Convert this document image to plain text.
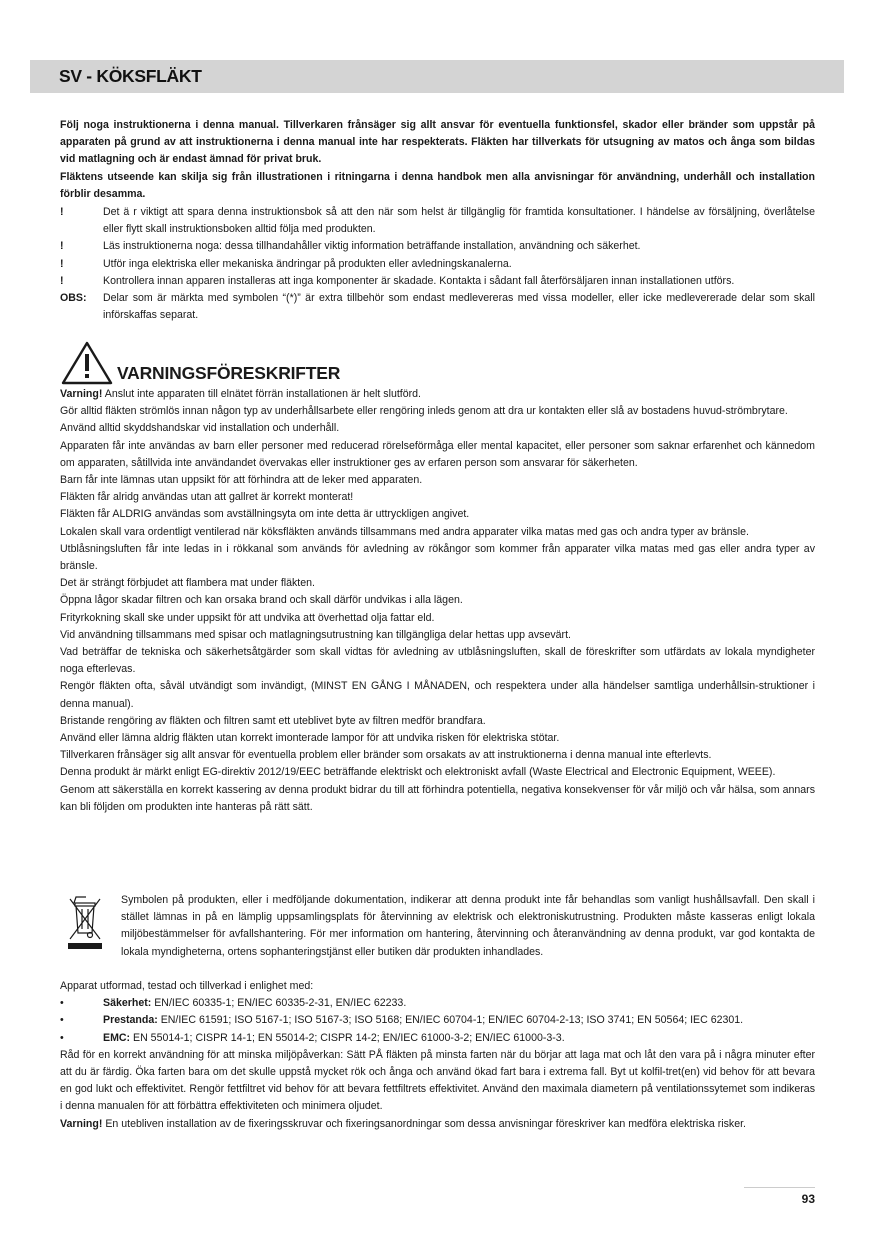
SV - KÖKSFLÄKT

Följ noga instruktionerna i denna manual. Tillverkaren frånsäger sig allt ansvar för eventuella funktionsfel, skador eller bränder som uppstår på apparaten på grund av att instruktionerna i denna manual inte har respekterats. Fläkten har tillverkats för utsugning av matos och ånga som bildas vid matlagning och är endast ämnad för privat bruk.

Fläktens utseende kan skilja sig från illustrationen i ritningarna i denna handbok men alla anvisningar för användning, underhåll och installation förblir desamma.

!	Det ä r viktigt att spara denna instruktionsbok så att den när som helst är tillgänglig för framtida konsultationer. I händelse av försäljning, överlåtelse eller flytt skall instruktionsboken alltid följa med produkten.
!	Läs instruktionerna noga: dessa tillhandahåller viktig information beträffande installation, användning och säkerhet.
!	Utför inga elektriska eller mekaniska ändringar på produkten eller avledningskanalerna.
!	Kontrollera innan apparen installeras att inga komponenter är skadade. Kontakta i sådant fall återförsäljaren innan installationen utförs.
OBS:	Delar som är märkta med symbolen “(*)” är extra tillbehör som endast medlevereras med vissa modeller, eller icke medlevererade delar som skall införskaffas separat.
VARNINGSFÖRESKRIFTER

Varning! Anslut inte apparaten till elnätet förrän installationen är helt slutförd.

Gör alltid fläkten strömlös innan någon typ av underhållsarbete eller rengöring inleds genom att dra ur kontakten eller slå av bostadens huvud-strömbrytare.

Använd alltid skyddshandskar vid installation och underhåll.

Apparaten får inte användas av barn eller personer med reducerad rörelseförmåga eller mental kapacitet, eller personer som saknar erfarenhet och kännedom om apparaten, såtillvida inte användandet övervakas eller instruktioner ges av erfaren person som ansvarar för säkerheten.

Barn får inte lämnas utan uppsikt för att förhindra att de leker med apparaten.

Fläkten får alridg användas utan att gallret är korrekt monterat!

Fläkten får ALDRIG användas som avställningsyta om inte detta är uttryckligen angivet.

Lokalen skall vara ordentligt ventilerad när köksfläkten används tillsammans med andra apparater vilka matas med gas och andra typer av bränsle.

Utblåsningsluften får inte ledas in i rökkanal som används för avledning av rökångor som kommer från apparater vilka matas med gas eller andra typer av bränsle.

Det är strängt förbjudet att flambera mat under fläkten.

Öppna lågor skadar filtren och kan orsaka brand och skall därför undvikas i alla lägen.

Frityrkokning skall ske under uppsikt för att undvika att överhettad olja fattar eld.

Vid användning tillsammans med spisar och matlagningsutrustning kan tillgängliga delar hettas upp avsevärt.

Vad beträffar de tekniska och säkerhetsåtgärder som skall vidtas för avledning av utblåsningsluften, skall de föreskrifter som utfärdats av lokala myndigheter noga efterlevas.

Rengör fläkten ofta, såväl utvändigt som invändigt, (MINST EN GÅNG I MÅNADEN, och respektera under alla händelser samtliga underhållsin-struktioner i denna manual).

Bristande rengöring av fläkten och filtren samt ett uteblivet byte av filtren medför brandfara.

Använd eller lämna aldrig fläkten utan korrekt imonterade lampor för att undvika risken för elektriska stötar.

Tillverkaren frånsäger sig allt ansvar för eventuella problem eller bränder som orsakats av att instruktionerna i denna manual inte efterlevts.

Denna produkt är märkt enligt EG-direktiv 2012/19/EEC beträffande elektriskt och elektroniskt avfall (Waste Electrical and Electronic Equipment, WEEE).

Genom att säkerställa en korrekt kassering av denna produkt bidrar du till att förhindra potentiella, negativa konsekvenser för vår miljö och vår hälsa, som annars kan bli följden om produkten inte hanteras på rätt sätt.

Symbolen på produkten, eller i medföljande dokumentation, indikerar att denna produkt inte får behandlas som vanligt hushållsavfall. Den skall i stället lämnas in på en lämplig uppsamlingsplats för återvinning av elektrisk och elektroniskutrustning. Produkten måste kasseras enligt lokala miljöbestämmelser för avfallshantering. För mer information om hantering, återvinning och återanvändning av denna produkt, var god kontakta de lokala myndigheterna, ortens sophanteringstjänst eller butiken där produkten inhandlades.

Apparat utformad, testad och tillverkad i enlighet med:

•	Säkerhet: EN/IEC 60335-1; EN/IEC 60335-2-31, EN/IEC 62233.
•	Prestanda: EN/IEC 61591; ISO 5167-1; ISO 5167-3; ISO 5168; EN/IEC 60704-1; EN/IEC 60704-2-13; ISO 3741; EN 50564; IEC 62301.
•	EMC: EN 55014-1; CISPR 14-1; EN 55014-2; CISPR 14-2; EN/IEC 61000-3-2; EN/IEC 61000-3-3.

Råd för en korrekt användning för att minska miljöpåverkan: Sätt PÅ fläkten på minsta farten när du börjar att laga mat och låt den vara på i några minuter efter att du är färdig. Öka farten bara om det skulle uppstå mycket rök och ånga och använd ökad fart bara i extrema fall. Byt ut kolfil-tret(en) vid behov för att bevara en god lukt och effektivitet. Rengör fettfiltret vid behov för att bevara fettfiltrets effektivitet. Använd den maximala diametern på ventilationssytemet som indikeras i denna manualen för att förbättra effektiviteten och minimera oljudet.

Varning! En utebliven installation av de fixeringsskruvar och fixeringsanordningar som dessa anvisningar föreskriver kan medföra elektriska risker.

93
